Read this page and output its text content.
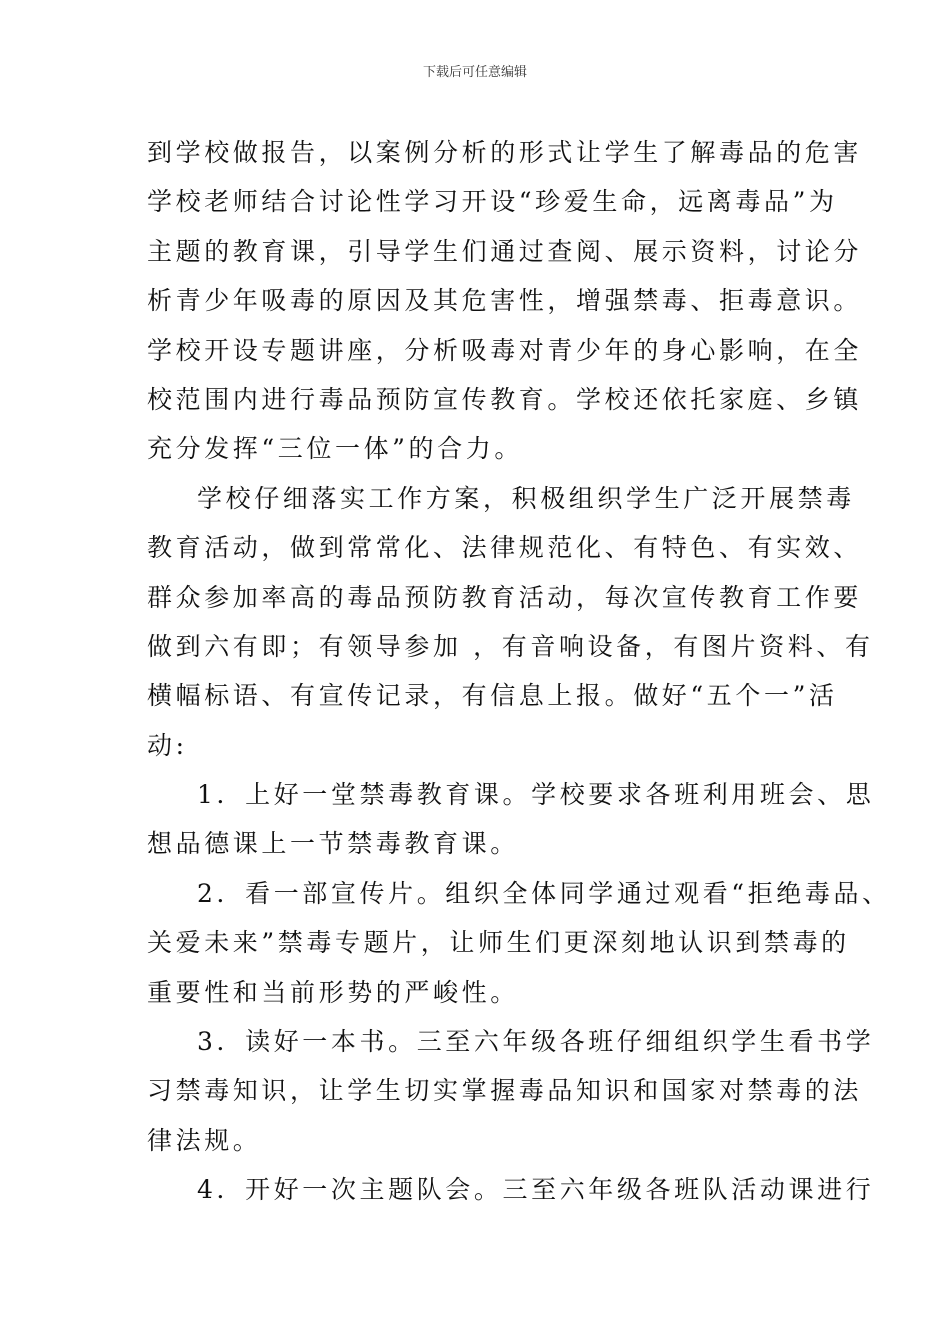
下载后可任意编辑
到学校做报告，以案例分析的形式让学生了解毒品的危害
学校老师结合讨论性学习开设“珍爱生命，远离毒品”为
主题的教育课，引导学生们通过查阅、展示资料，讨论分
析青少年吸毒的原因及其危害性，增强禁毒、拒毒意识。
学校开设专题讲座，分析吸毒对青少年的身心影响，在全
校范围内进行毒品预防宣传教育。学校还依托家庭、乡镇
充分发挥“三位一体”的合力。
学校仔细落实工作方案，积极组织学生广泛开展禁毒
教育活动，做到常常化、法律规范化、有特色、有实效、
群众参加率高的毒品预防教育活动，每次宣传教育工作要
做到六有即；有领导参加 ，有音响设备，有图片资料、有
横幅标语、有宣传记录，有信息上报。做好“五个一”活
动:
1．上好一堂禁毒教育课。学校要求各班利用班会、思
想品德课上一节禁毒教育课。
2．看一部宣传片。组织全体同学通过观看“拒绝毒品、
关爱未来”禁毒专题片，让师生们更深刻地认识到禁毒的
重要性和当前形势的严峻性。
3．读好一本书。三至六年级各班仔细组织学生看书学
习禁毒知识，让学生切实掌握毒品知识和国家对禁毒的法
律法规。
4．开好一次主题队会。三至六年级各班队活动课进行
